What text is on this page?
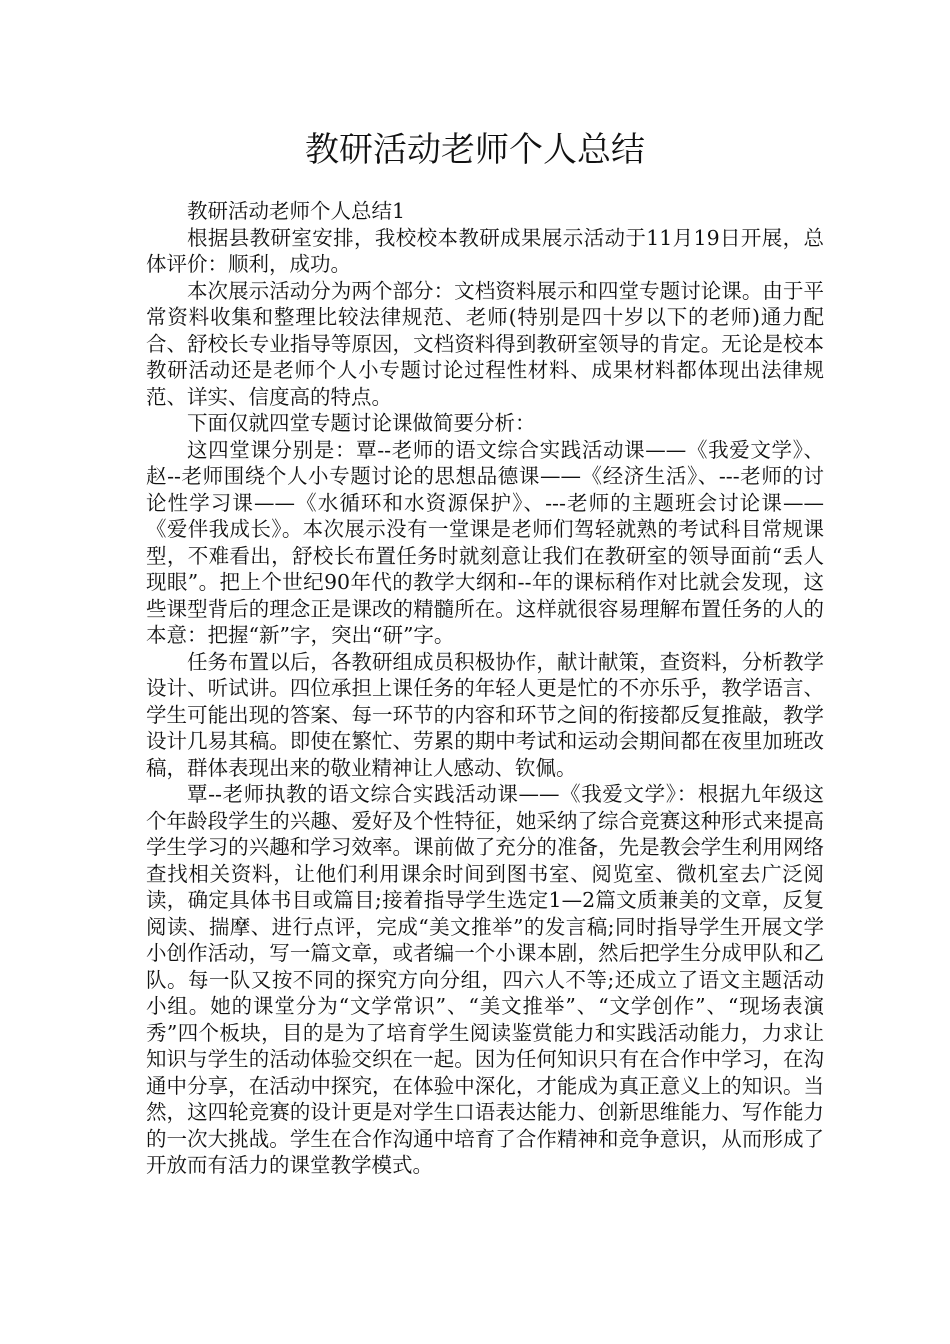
教研活动老师个人总结

教研活动老师个人总结1

根据县教研室安排，我校校本教研成果展示活动于11月19日开展，总体评价：顺利，成功。

本次展示活动分为两个部分：文档资料展示和四堂专题讨论课。由于平常资料收集和整理比较法律规范、老师(特别是四十岁以下的老师)通力配合、舒校长专业指导等原因，文档资料得到教研室领导的肯定。无论是校本教研活动还是老师个人小专题讨论过程性材料、成果材料都体现出法律规范、详实、信度高的特点。

下面仅就四堂专题讨论课做简要分析：

这四堂课分别是：覃--老师的语文综合实践活动课——《我爱文学》、赵--老师围绕个人小专题讨论的思想品德课——《经济生活》、---老师的讨论性学习课——《水循环和水资源保护》、---老师的主题班会讨论课——《爱伴我成长》。本次展示没有一堂课是老师们驾轻就熟的考试科目常规课型，不难看出，舒校长布置任务时就刻意让我们在教研室的领导面前“丢人现眼”。把上个世纪90年代的教学大纲和--年的课标稍作对比就会发现，这些课型背后的理念正是课改的精髓所在。这样就很容易理解布置任务的人的本意：把握“新”字，突出“研”字。

任务布置以后，各教研组成员积极协作，献计献策，查资料，分析教学设计、听试讲。四位承担上课任务的年轻人更是忙的不亦乐乎，教学语言、学生可能出现的答案、每一环节的内容和环节之间的衔接都反复推敲，教学设计几易其稿。即使在繁忙、劳累的期中考试和运动会期间都在夜里加班改稿，群体表现出来的敬业精神让人感动、钦佩。

覃--老师执教的语文综合实践活动课——《我爱文学》：根据九年级这个年龄段学生的兴趣、爱好及个性特征，她采纳了综合竞赛这种形式来提高学生学习的兴趣和学习效率。课前做了充分的准备，先是教会学生利用网络查找相关资料，让他们利用课余时间到图书室、阅览室、微机室去广泛阅读，确定具体书目或篇目;接着指导学生选定1—2篇文质兼美的文章，反复阅读、揣摩、进行点评，完成“美文推举”的发言稿;同时指导学生开展文学小创作活动，写一篇文章，或者编一个小课本剧，然后把学生分成甲队和乙队。每一队又按不同的探究方向分组，四六人不等;还成立了语文主题活动小组。她的课堂分为“文学常识”、“美文推举”、“文学创作”、“现场表演秀”四个板块，目的是为了培育学生阅读鉴赏能力和实践活动能力，力求让知识与学生的活动体验交织在一起。因为任何知识只有在合作中学习，在沟通中分享，在活动中探究，在体验中深化，才能成为真正意义上的知识。当然，这四轮竞赛的设计更是对学生口语表达能力、创新思维能力、写作能力的一次大挑战。学生在合作沟通中培育了合作精神和竞争意识，从而形成了开放而有活力的课堂教学模式。
